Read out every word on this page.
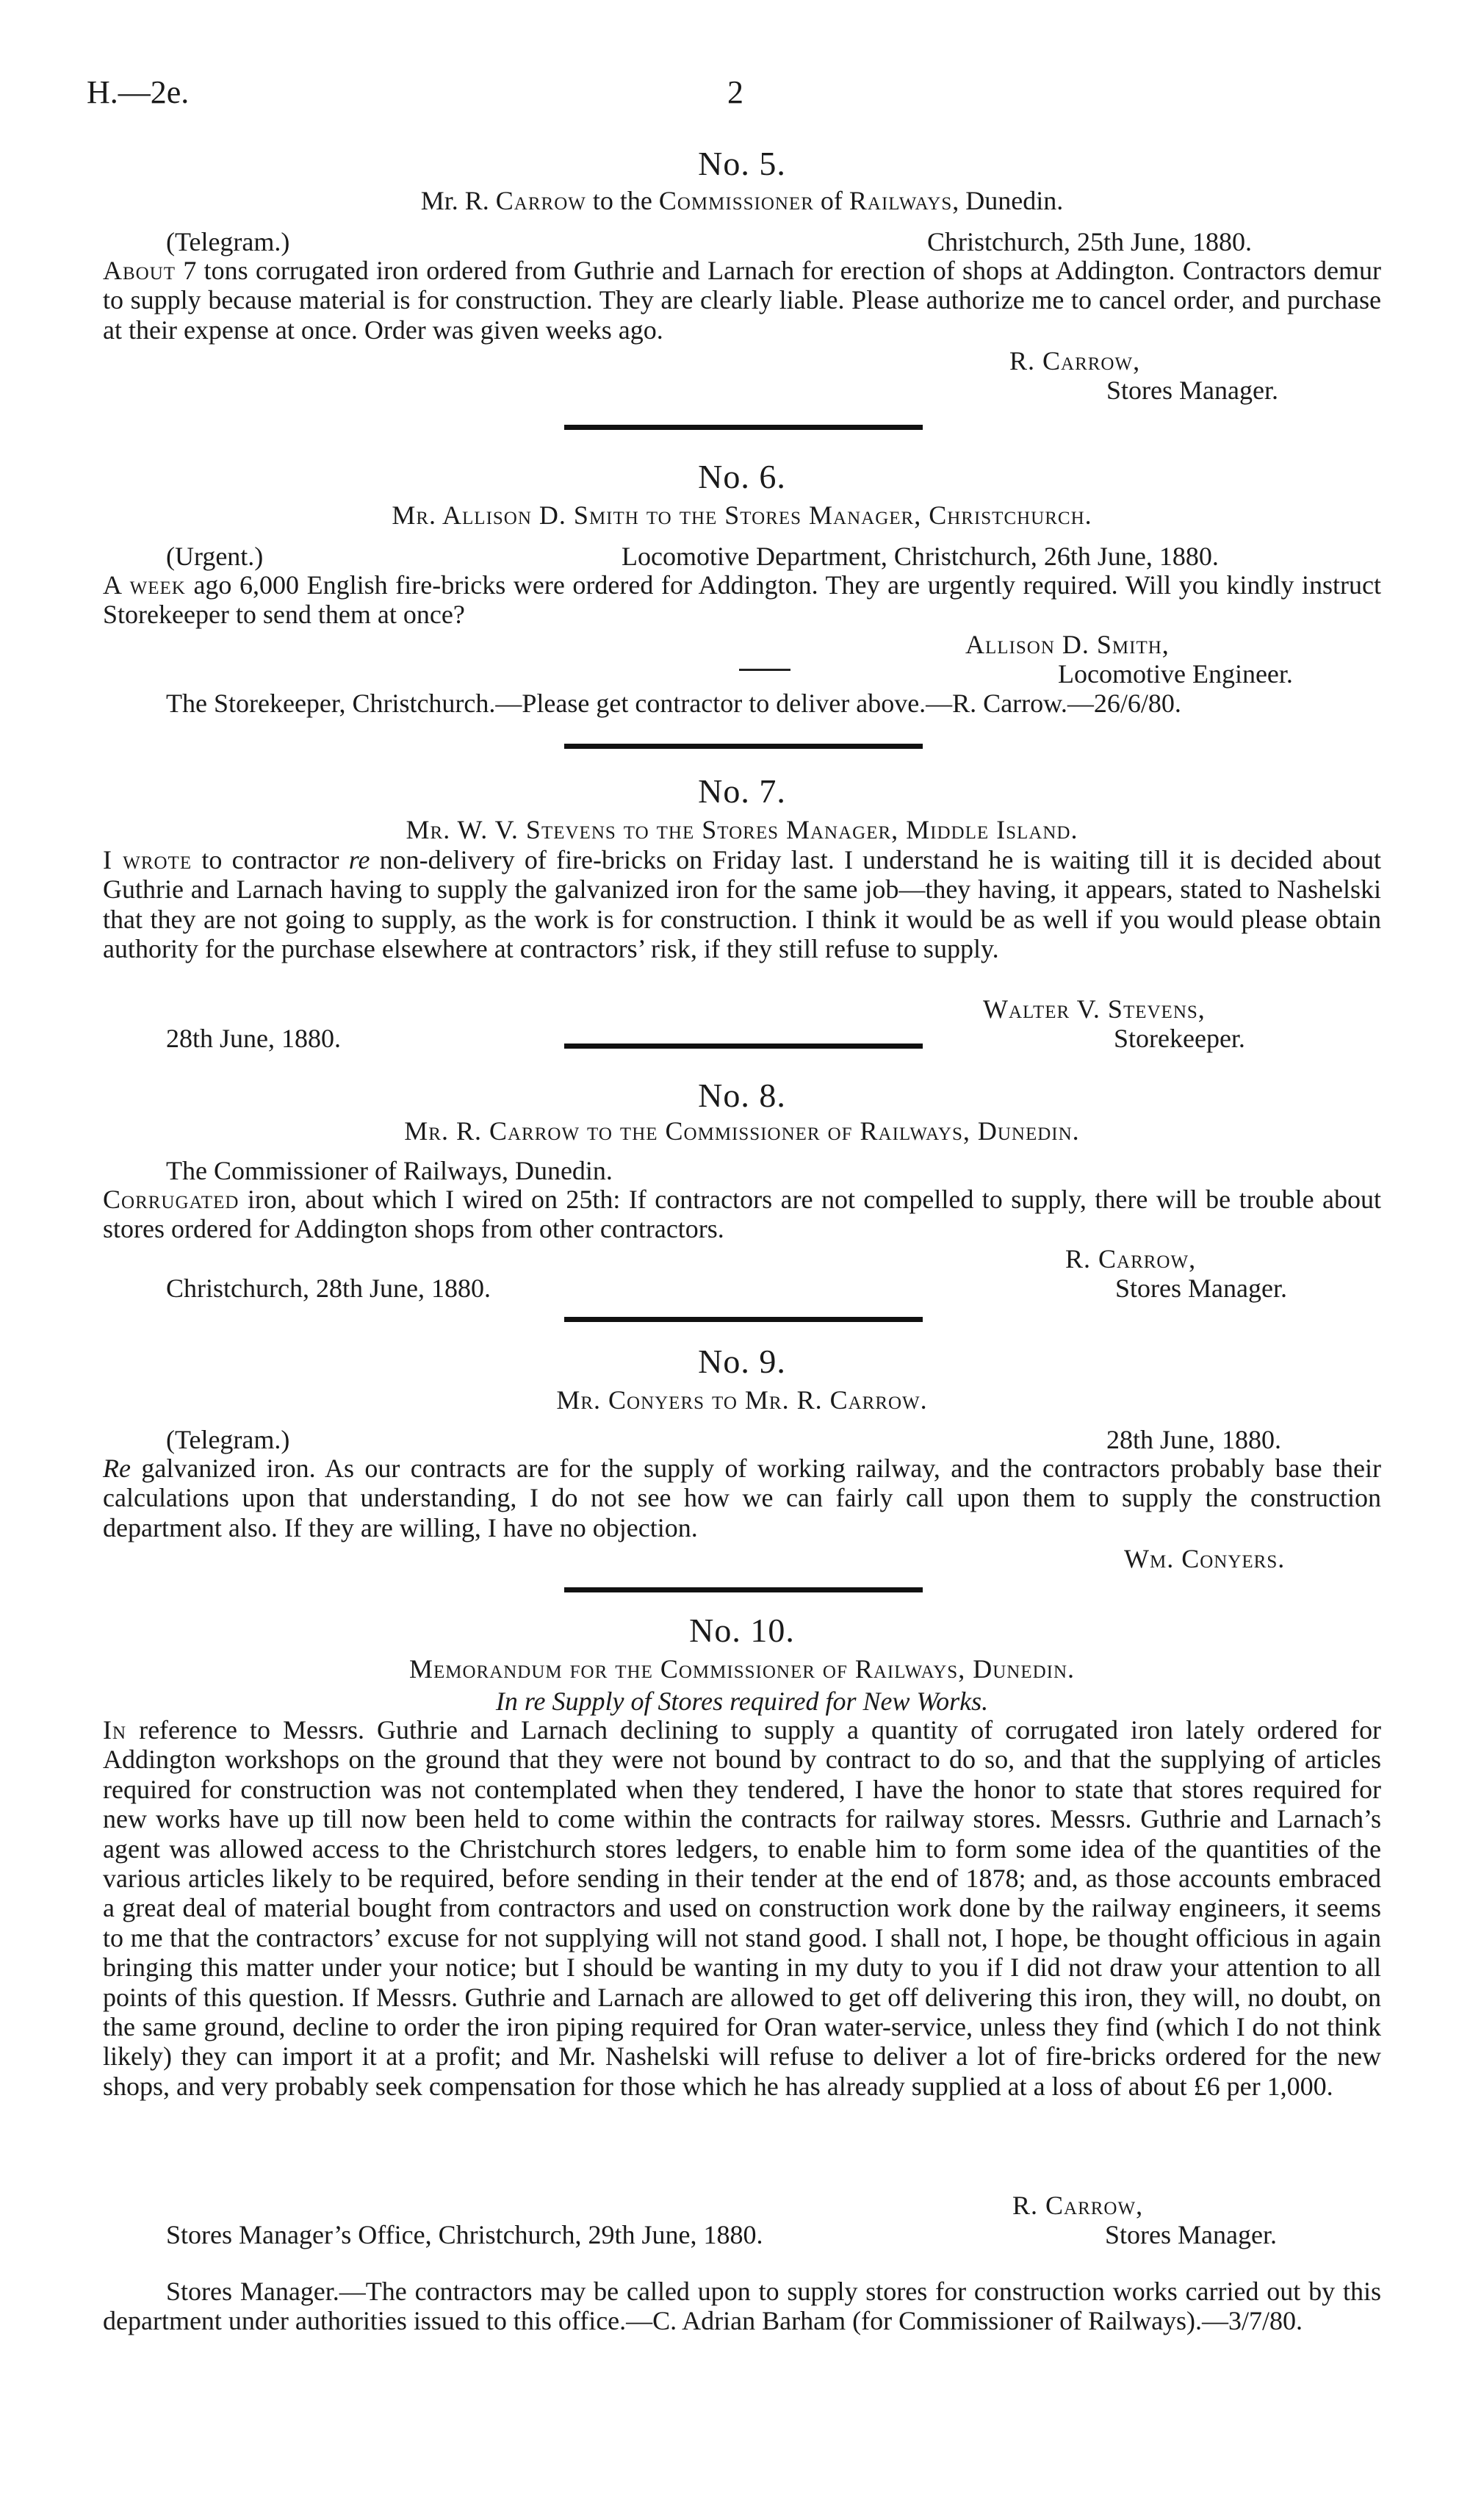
H.—2e.	2
No. 5.
Mr. R. Carrow to the Commissioner of Railways, Dunedin.
(Telegram.)	Christchurch, 25th June, 1880.
About 7 tons corrugated iron ordered from Guthrie and Larnach for erection of shops at Addington. Contractors demur to supply because material is for construction. They are clearly liable. Please authorize me to cancel order, and purchase at their expense at once. Order was given weeks ago.
R. Carrow,
Stores Manager.
No. 6.
Mr. Allison D. Smith to the Stores Manager, Christchurch.
(Urgent.)	Locomotive Department, Christchurch, 26th June, 1880.
A week ago 6,000 English fire-bricks were ordered for Addington. They are urgently required. Will you kindly instruct Storekeeper to send them at once?
Allison D. Smith,
Locomotive Engineer.
The Storekeeper, Christchurch.—Please get contractor to deliver above.—R. Carrow.—26/6/80.
No. 7.
Mr. W. V. Stevens to the Stores Manager, Middle Island.
I wrote to contractor re non-delivery of fire-bricks on Friday last. I understand he is waiting till it is decided about Guthrie and Larnach having to supply the galvanized iron for the same job—they having, it appears, stated to Nashelski that they are not going to supply, as the work is for construction. I think it would be as well if you would please obtain authority for the purchase elsewhere at contractors’ risk, if they still refuse to supply.
Walter V. Stevens,
28th June, 1880.	Storekeeper.
No. 8.
Mr. R. Carrow to the Commissioner of Railways, Dunedin.
The Commissioner of Railways, Dunedin.
Corrugated iron, about which I wired on 25th: If contractors are not compelled to supply, there will be trouble about stores ordered for Addington shops from other contractors.
R. Carrow,
Christchurch, 28th June, 1880.	Stores Manager.
No. 9.
Mr. Conyers to Mr. R. Carrow.
(Telegram.)	28th June, 1880.
Re galvanized iron. As our contracts are for the supply of working railway, and the contractors probably base their calculations upon that understanding, I do not see how we can fairly call upon them to supply the construction department also. If they are willing, I have no objection.
Wm. Conyers.
No. 10.
Memorandum for the Commissioner of Railways, Dunedin.
In re Supply of Stores required for New Works.
In reference to Messrs. Guthrie and Larnach declining to supply a quantity of corrugated iron lately ordered for Addington workshops on the ground that they were not bound by contract to do so, and that the supplying of articles required for construction was not contemplated when they tendered, I have the honor to state that stores required for new works have up till now been held to come within the contracts for railway stores. Messrs. Guthrie and Larnach’s agent was allowed access to the Christchurch stores ledgers, to enable him to form some idea of the quantities of the various articles likely to be required, before sending in their tender at the end of 1878; and, as those accounts embraced a great deal of material bought from contractors and used on construction work done by the railway engineers, it seems to me that the contractors’ excuse for not supplying will not stand good. I shall not, I hope, be thought officious in again bringing this matter under your notice; but I should be wanting in my duty to you if I did not draw your attention to all points of this question. If Messrs. Guthrie and Larnach are allowed to get off delivering this iron, they will, no doubt, on the same ground, decline to order the iron piping required for Oran water-service, unless they find (which I do not think likely) they can import it at a profit; and Mr. Nashelski will refuse to deliver a lot of fire-bricks ordered for the new shops, and very probably seek compensation for those which he has already supplied at a loss of about £6 per 1,000.
R. Carrow,
Stores Manager’s Office, Christchurch, 29th June, 1880.	Stores Manager.
Stores Manager.—The contractors may be called upon to supply stores for construction works carried out by this department under authorities issued to this office.—C. Adrian Barham (for Commissioner of Railways).—3/7/80.
